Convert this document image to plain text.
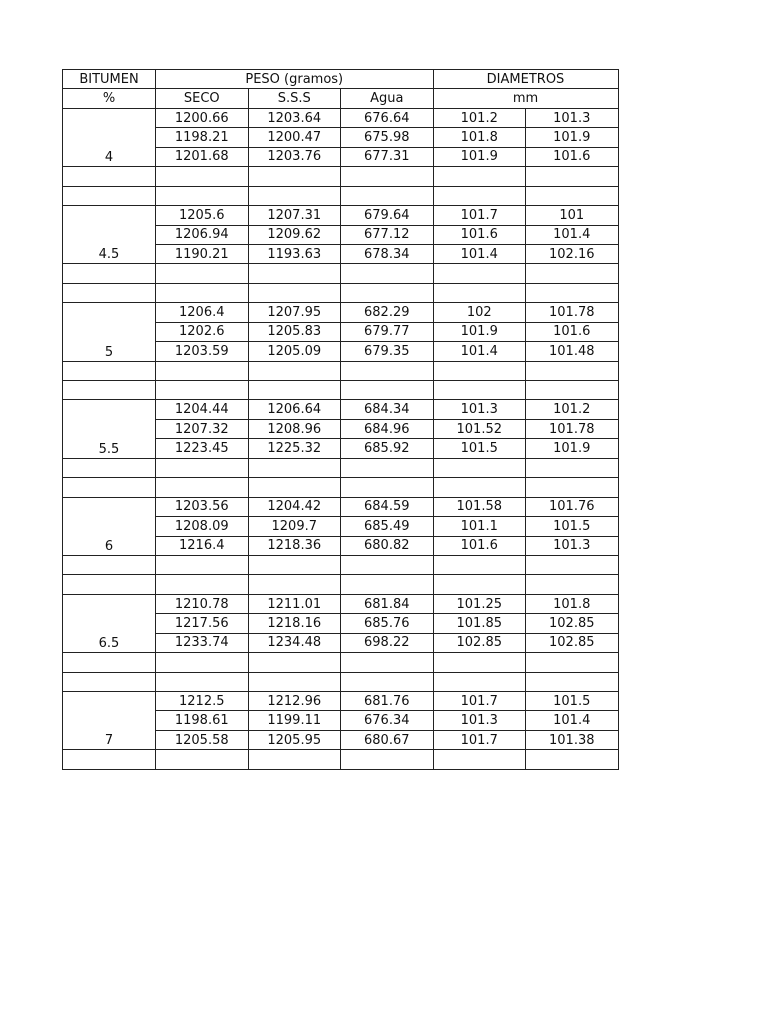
BITUMEN	PESO (gramos)			DIAMETROS	
%	SECO	S.S.S	Agua	mm	
4	1200.66	1203.64	676.64	101.2	101.3
	1198.21	1200.47	675.98	101.8	101.9
	1201.68	1203.76	677.31	101.9	101.6

4.5	1205.6	1207.31	679.64	101.7	101
	1206.94	1209.62	677.12	101.6	101.4
	1190.21	1193.63	678.34	101.4	102.16

5	1206.4	1207.95	682.29	102	101.78
	1202.6	1205.83	679.77	101.9	101.6
	1203.59	1205.09	679.35	101.4	101.48

5.5	1204.44	1206.64	684.34	101.3	101.2
	1207.32	1208.96	684.96	101.52	101.78
	1223.45	1225.32	685.92	101.5	101.9

6	1203.56	1204.42	684.59	101.58	101.76
	1208.09	1209.7	685.49	101.1	101.5
	1216.4	1218.36	680.82	101.6	101.3

6.5	1210.78	1211.01	681.84	101.25	101.8
	1217.56	1218.16	685.76	101.85	102.85
	1233.74	1234.48	698.22	102.85	102.85

7	1212.5	1212.96	681.76	101.7	101.5
	1198.61	1199.11	676.34	101.3	101.4
	1205.58	1205.95	680.67	101.7	101.38
